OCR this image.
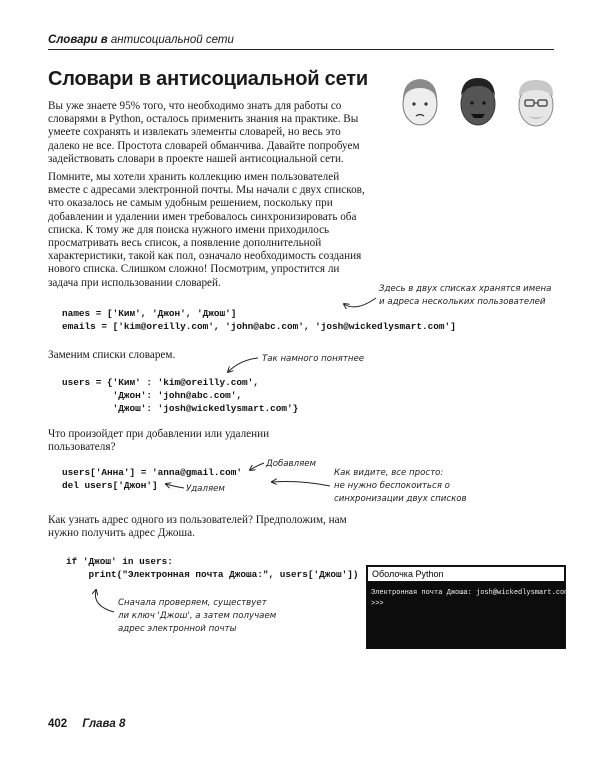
Словари в антисоциальной сети
Словари в антисоциальной сети
Вы уже знаете 95% того, что необходимо знать для работы со словарями в Python, осталось применить знания на практике. Вы умеете сохранять и извлекать элементы словарей, но весь это далеко не все. Простота словарей обманчива. Давайте попробуем задействовать словари в проекте нашей антисоциальной сети.
Помните, мы хотели хранить коллекцию имен пользователей вместе с адресами электронной почты. Мы начали с двух списков, что оказалось не самым удобным решением, поскольку при добавлении и удалении имен требовалось синхронизировать оба списка. К тому же для поиска нужного имени приходилось просматривать весь список, а появление дополнительной характеристики, такой как пол, означало необходимость создания нового списка. Слишком сложно! Посмотрим, упростится ли задача при использовании словарей.
names = ['Ким', 'Джон', 'Джош']
emails = ['kim@oreilly.com', 'john@abc.com', 'josh@wickedlysmart.com']
Здесь в двух списках хранятся имена
и адреса нескольких пользователей
Заменим списки словарем.	Так намного понятнее
users = {'Ким' : 'kim@oreilly.com',
'Джон': 'john@abc.com',
'Джош': 'josh@wickedlysmart.com'}
Что произойдет при добавлении или удалении пользователя?
users['Анна'] = 'anna@gmail.com'
del users['Джон']
Добавляем
Удаляем
Как видите, все просто:
не нужно беспокоиться о
синхронизации двух списков
Как узнать адрес одного из пользователей? Предположим, нам нужно получить адрес Джоша.
if 'Джош' in users:
print("Электронная почта Джоша:", users['Джош'])
Сначала проверяем, существует
ли ключ 'Джош', а затем получаем
адрес электронной почты
Оболочка Python
Электронная почта Джоша: josh@wickedlysmart.com
>>>
402 Глава 8
